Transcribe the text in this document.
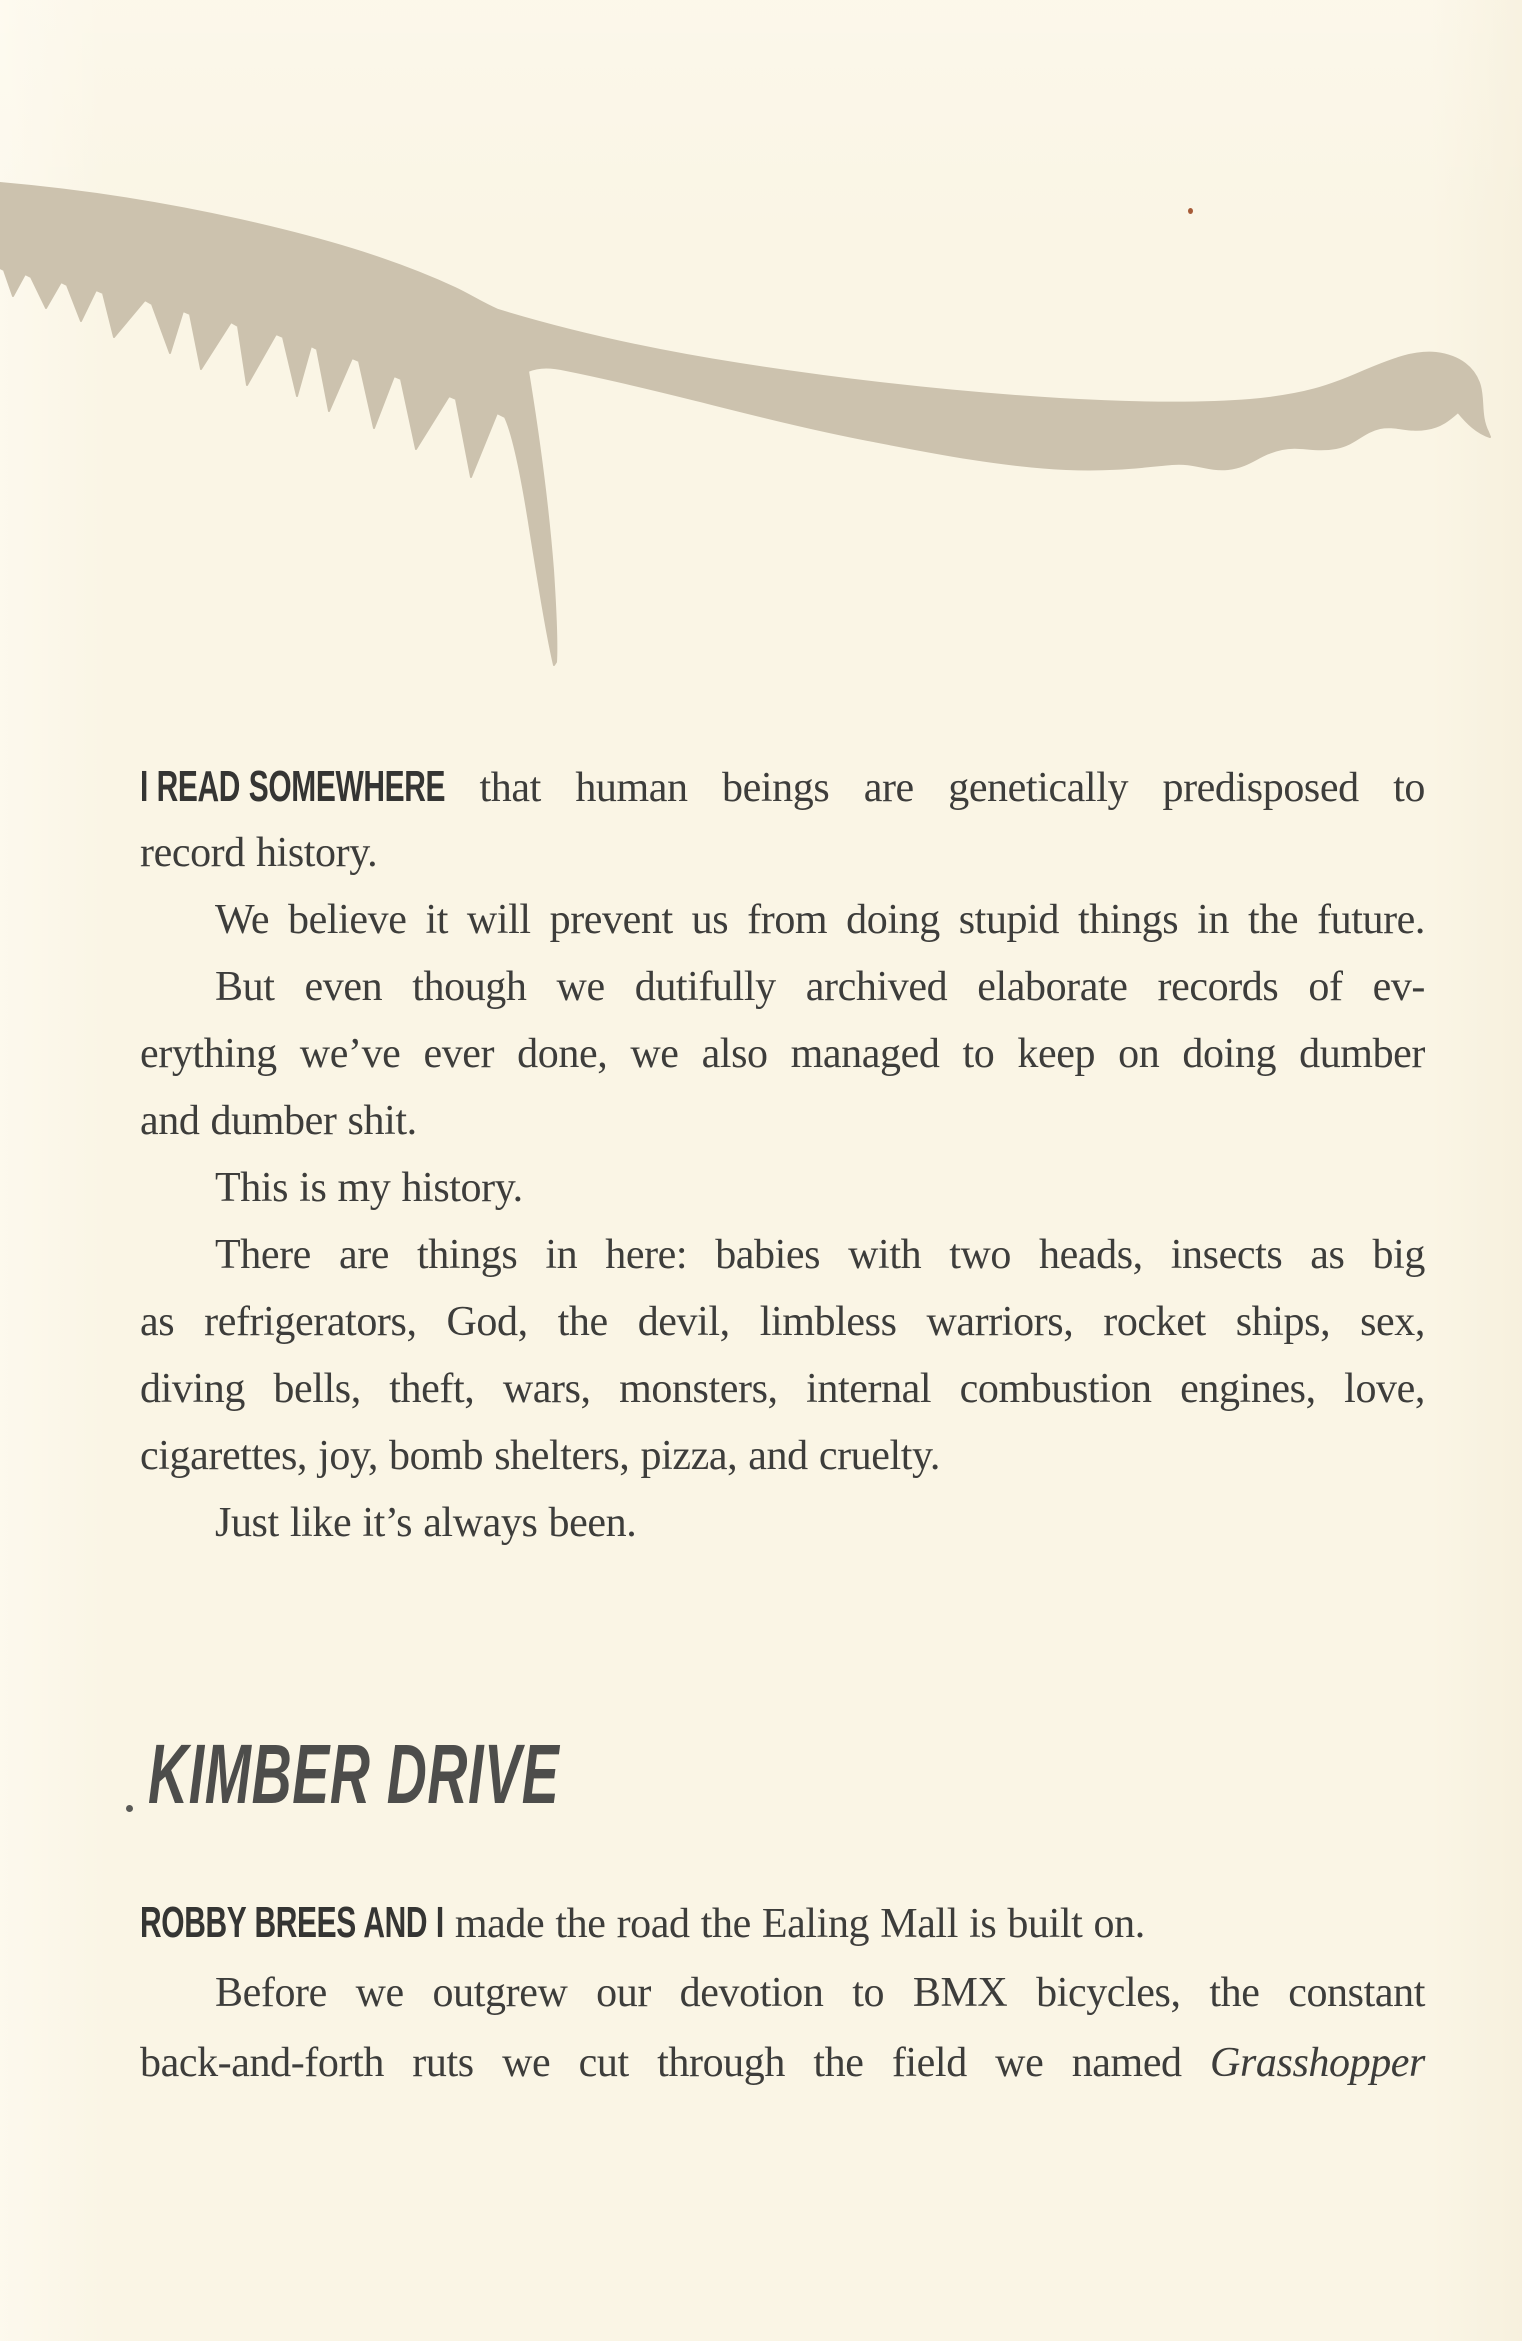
I READ SOMEWHERE that human beings are genetically predisposed to
record history.
We believe it will prevent us from doing stupid things in the future.
But even though we dutifully archived elaborate records of ev-
erything we’ve ever done, we also managed to keep on doing dumber
and dumber shit.
This is my history.
There are things in here: babies with two heads, insects as big
as refrigerators, God, the devil, limbless warriors, rocket ships, sex,
diving bells, theft, wars, monsters, internal combustion engines, love,
cigarettes, joy, bomb shelters, pizza, and cruelty.
Just like it’s always been.
KIMBER DRIVE
ROBBY BREES AND I made the road the Ealing Mall is built on.
Before we outgrew our devotion to BMX bicycles, the constant
back-and-forth ruts we cut through the field we named Grasshopper
